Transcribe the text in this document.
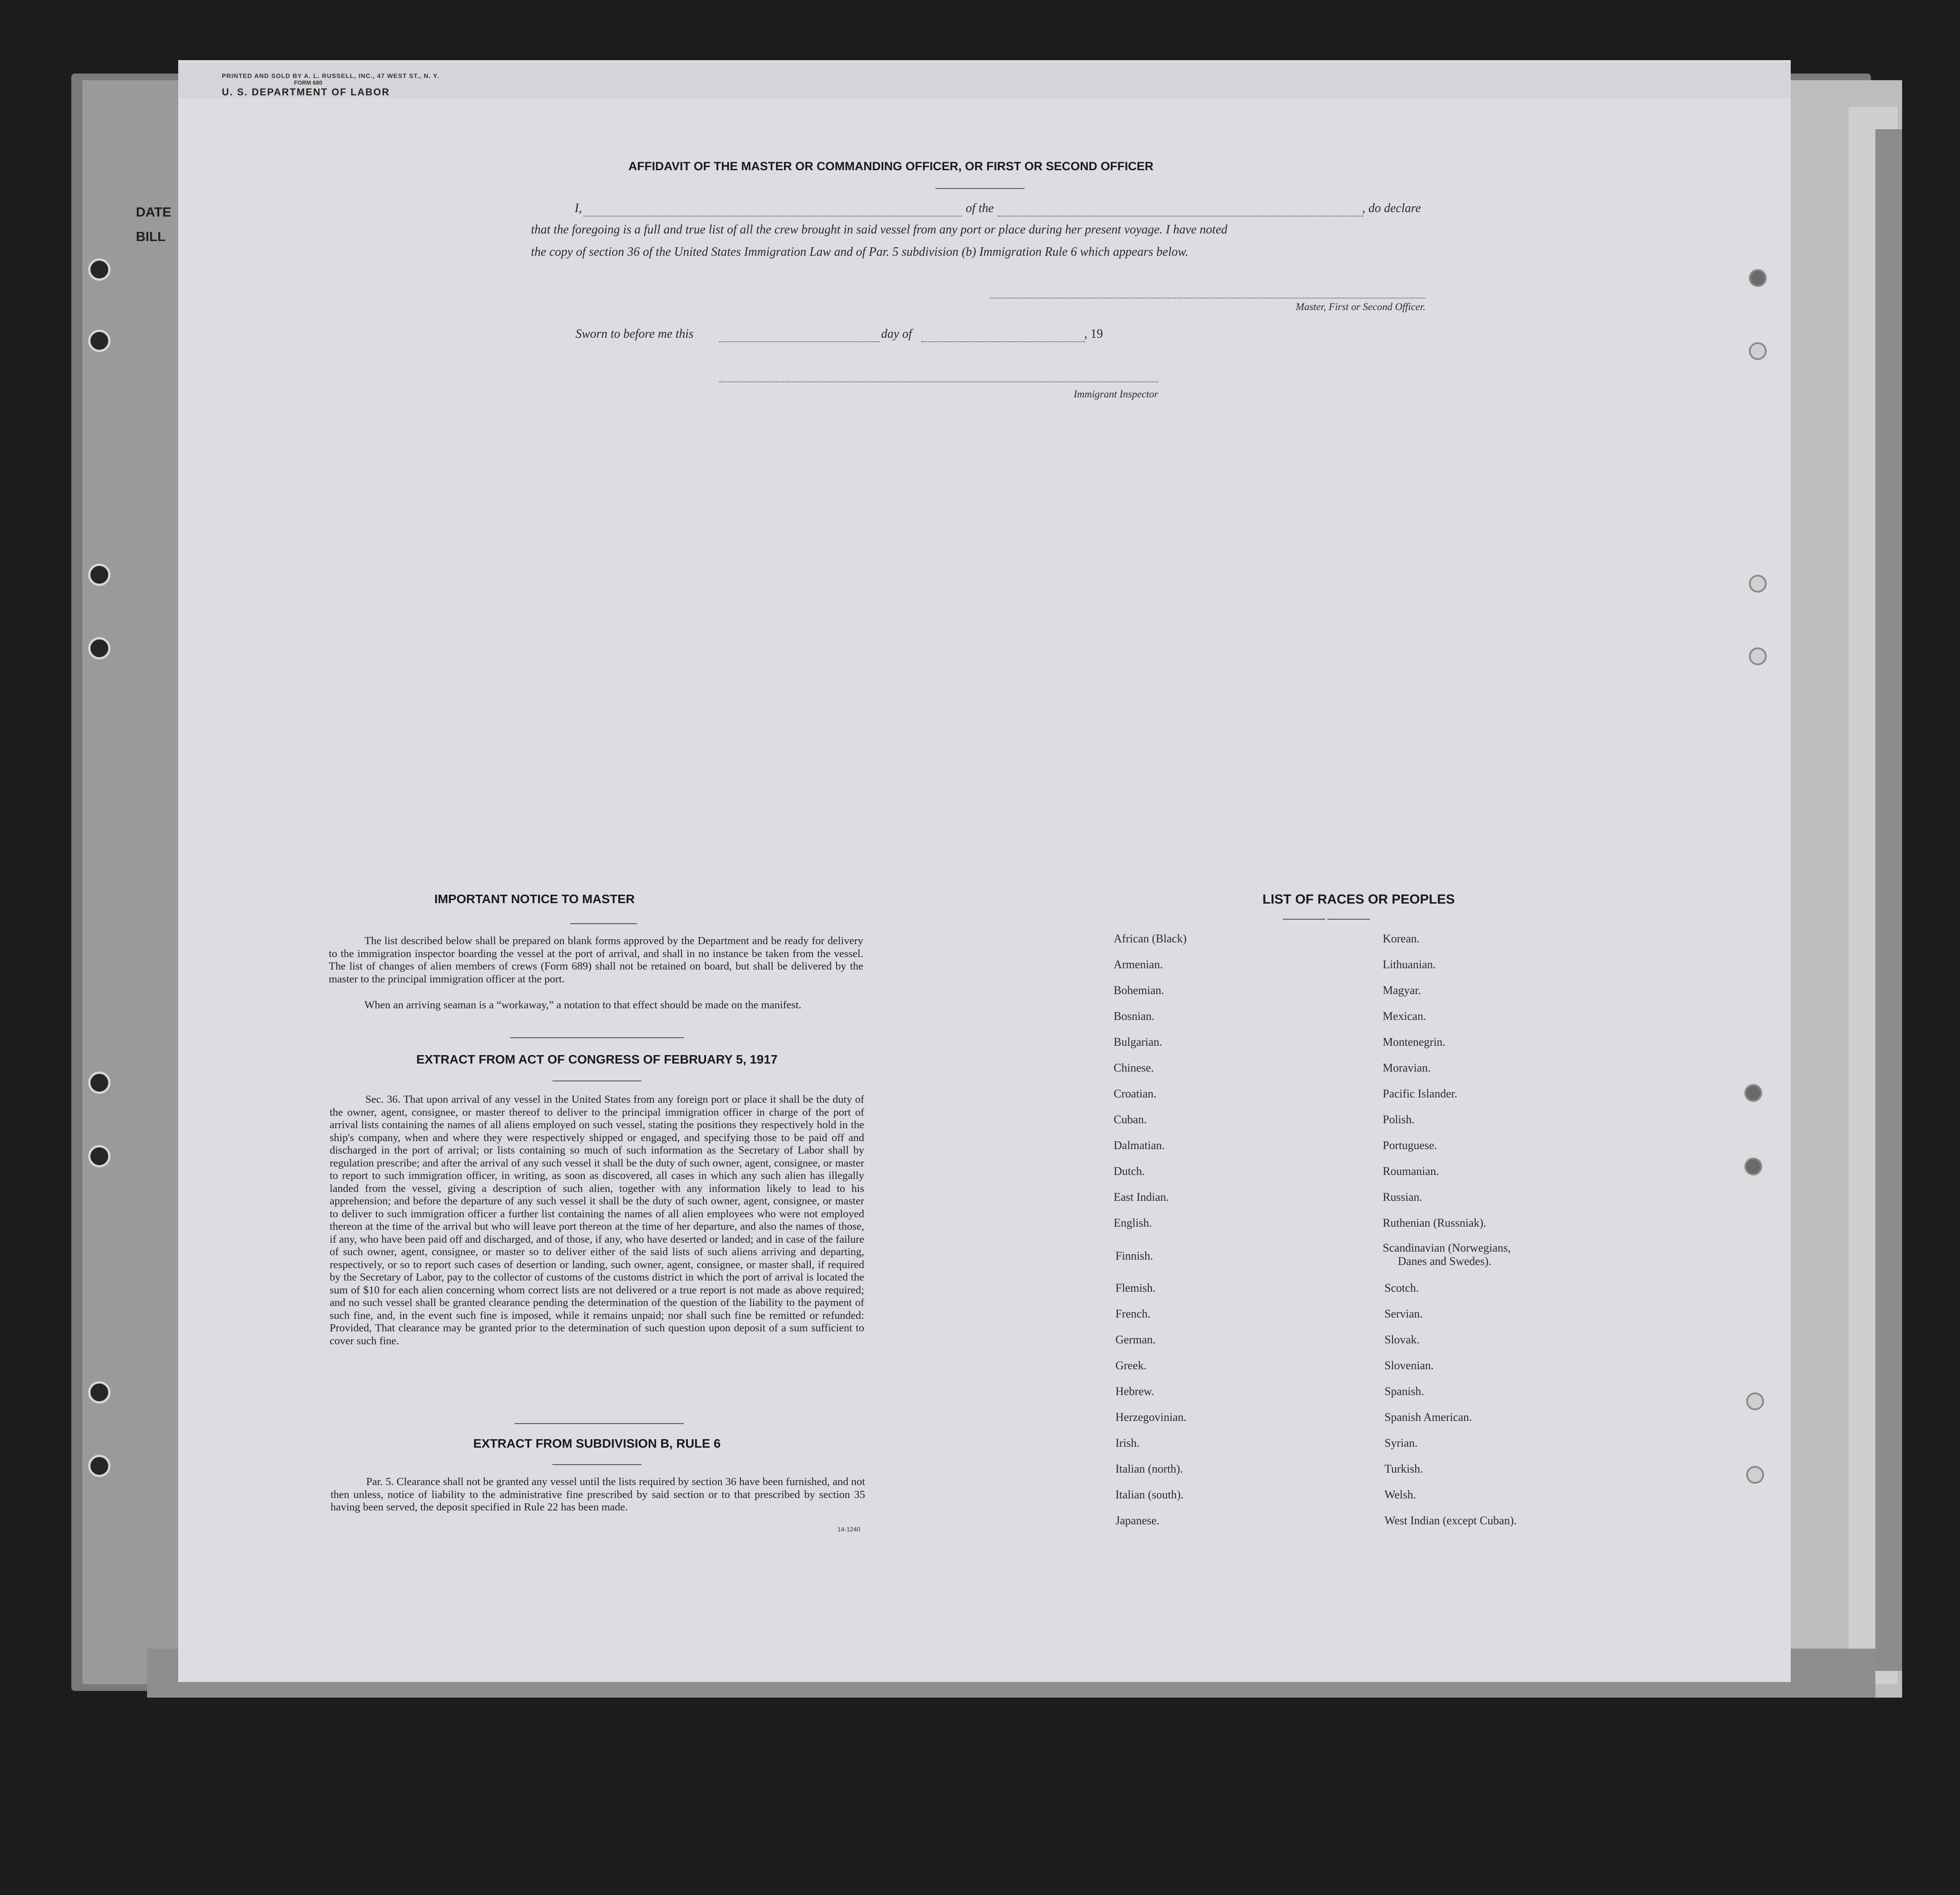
DATE
BILL
PRINTED AND SOLD BY A. L. RUSSELL, INC., 47 WEST ST., N. Y.
FORM 680
U. S. DEPARTMENT OF LABOR
AFFIDAVIT OF THE MASTER OR COMMANDING OFFICER, OR FIRST OR SECOND OFFICER
I,	of the	, do declare
that the foregoing is a full and true list of all the crew brought in said vessel from any port or place during her present voyage. I have noted
the copy of section 36 of the United States Immigration Law and of Par. 5 subdivision (b) Immigration Rule 6 which appears below.
Master, First or Second Officer.
Sworn to before me this	day of	, 19
Immigrant Inspector
IMPORTANT NOTICE TO MASTER
The list described below shall be prepared on blank forms approved by the Department and be ready for delivery to the immigration inspector boarding the vessel at the port of arrival, and shall in no instance be taken from the vessel. The list of changes of alien members of crews (Form 689) shall not be retained on board, but shall be delivered by the master to the principal immigration officer at the port.
When an arriving seaman is a “workaway,” a notation to that effect should be made on the manifest.
EXTRACT FROM ACT OF CONGRESS OF FEBRUARY 5, 1917
Sec. 36. That upon arrival of any vessel in the United States from any foreign port or place it shall be the duty of the owner, agent, consignee, or master thereof to deliver to the principal immigration officer in charge of the port of arrival lists containing the names of all aliens employed on such vessel, stating the positions they respectively hold in the ship's company, when and where they were respectively shipped or engaged, and specifying those to be paid off and discharged in the port of arrival; or lists containing so much of such information as the Secretary of Labor shall by regulation prescribe; and after the arrival of any such vessel it shall be the duty of such owner, agent, consignee, or master to report to such immigration officer, in writing, as soon as discovered, all cases in which any such alien has illegally landed from the vessel, giving a description of such alien, together with any information likely to lead to his apprehension; and before the departure of any such vessel it shall be the duty of such owner, agent, consignee, or master to deliver to such immigration officer a further list containing the names of all alien employees who were not employed thereon at the time of the arrival but who will leave port thereon at the time of her departure, and also the names of those, if any, who have been paid off and discharged, and of those, if any, who have deserted or landed; and in case of the failure of such owner, agent, consignee, or master so to deliver either of the said lists of such aliens arriving and departing, respectively, or so to report such cases of desertion or landing, such owner, agent, consignee, or master shall, if required by the Secretary of Labor, pay to the collector of customs of the customs district in which the port of arrival is located the sum of $10 for each alien concerning whom correct lists are not delivered or a true report is not made as above required; and no such vessel shall be granted clearance pending the determination of the question of the liability to the payment of such fine, and, in the event such fine is imposed, while it remains unpaid; nor shall such fine be remitted or refunded: Provided, That clearance may be granted prior to the determination of such question upon deposit of a sum sufficient to cover such fine.
EXTRACT FROM SUBDIVISION B, RULE 6
Par. 5. Clearance shall not be granted any vessel until the lists required by section 36 have been furnished, and not then unless, notice of liability to the administrative fine prescribed by said section or to that prescribed by section 35 having been served, the deposit specified in Rule 22 has been made.
14-1240
LIST OF RACES OR PEOPLES
African (Black)
Armenian.
Bohemian.
Bosnian.
Bulgarian.
Chinese.
Croatian.
Cuban.
Dalmatian.
Dutch.
East Indian.
English.
Finnish.
Flemish.
French.
German.
Greek.
Hebrew.
Herzegovinian.
Irish.
Italian (north).
Italian (south).
Japanese.
Korean.
Lithuanian.
Magyar.
Mexican.
Montenegrin.
Moravian.
Pacific Islander.
Polish.
Portuguese.
Roumanian.
Russian.
Ruthenian (Russniak).
Scandinavian (Norwegians,
Danes and Swedes).
Scotch.
Servian.
Slovak.
Slovenian.
Spanish.
Spanish American.
Syrian.
Turkish.
Welsh.
West Indian (except Cuban).
